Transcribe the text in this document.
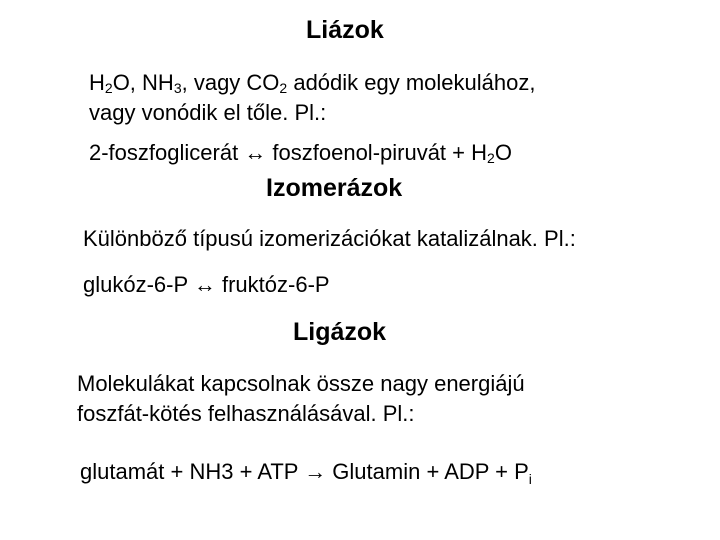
Liázok
$H_2O$, $NH_3$, vagy $CO_2$ adódik egy molekulához,
vagy vonódik el tőle. Pl.:
2-foszfoglicerát ↔ foszfoenol-piruvát + $H_2O$
Izomerázok
Különböző típusú izomerizációkat katalizálnak. Pl.:
glukóz-6-P ↔ fruktóz-6-P
Ligázok
Molekulákat kapcsolnak össze nagy energiájú
foszfát-kötés felhasználásával. Pl.:
glutamát + NH3 + ATP → Glutamin + ADP + $P_i$
